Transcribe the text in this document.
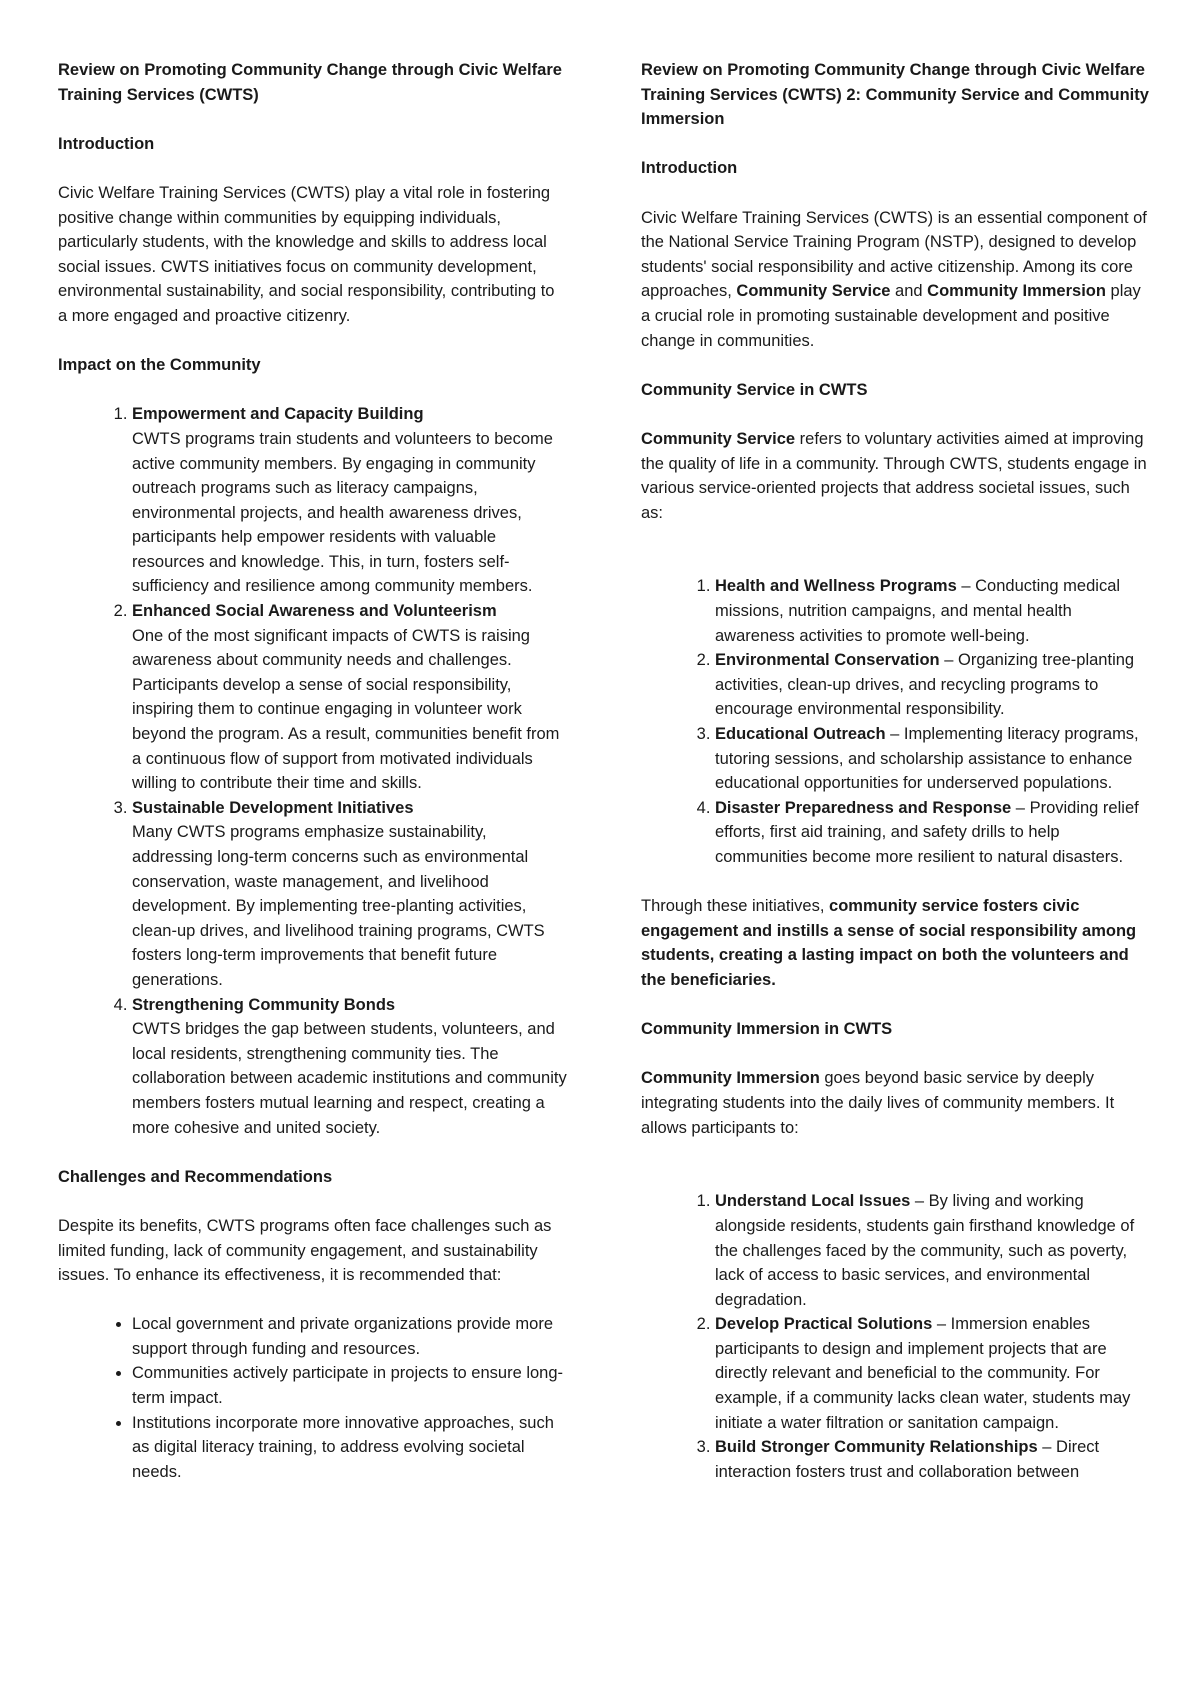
Review on Promoting Community Change through Civic Welfare Training Services (CWTS)
Introduction

Civic Welfare Training Services (CWTS) play a vital role in fostering positive change within communities by equipping individuals, particularly students, with the knowledge and skills to address local social issues. CWTS initiatives focus on community development, environmental sustainability, and social responsibility, contributing to a more engaged and proactive citizenry.

Impact on the Community
1. Empowerment and Capacity Building
CWTS programs train students and volunteers to become active community members. By engaging in community outreach programs such as literacy campaigns, environmental projects, and health awareness drives, participants help empower residents with valuable resources and knowledge. This, in turn, fosters self-sufficiency and resilience among community members.
2. Enhanced Social Awareness and Volunteerism
One of the most significant impacts of CWTS is raising awareness about community needs and challenges. Participants develop a sense of social responsibility, inspiring them to continue engaging in volunteer work beyond the program. As a result, communities benefit from a continuous flow of support from motivated individuals willing to contribute their time and skills.
3. Sustainable Development Initiatives
Many CWTS programs emphasize sustainability, addressing long-term concerns such as environmental conservation, waste management, and livelihood development. By implementing tree-planting activities, clean-up drives, and livelihood training programs, CWTS fosters long-term improvements that benefit future generations.
4. Strengthening Community Bonds
CWTS bridges the gap between students, volunteers, and local residents, strengthening community ties. The collaboration between academic institutions and community members fosters mutual learning and respect, creating a more cohesive and united society.
Challenges and Recommendations

Despite its benefits, CWTS programs often face challenges such as limited funding, lack of community engagement, and sustainability issues. To enhance its effectiveness, it is recommended that:

• Local government and private organizations provide more support through funding and resources.
• Communities actively participate in projects to ensure long-term impact.
• Institutions incorporate more innovative approaches, such as digital literacy training, to address evolving societal needs.
Review on Promoting Community Change through Civic Welfare Training Services (CWTS) 2: Community Service and Community Immersion
Introduction

Civic Welfare Training Services (CWTS) is an essential component of the National Service Training Program (NSTP), designed to develop students' social responsibility and active citizenship. Among its core approaches, Community Service and Community Immersion play a crucial role in promoting sustainable development and positive change in communities.

Community Service in CWTS

Community Service refers to voluntary activities aimed at improving the quality of life in a community. Through CWTS, students engage in various service-oriented projects that address societal issues, such as:

1. Health and Wellness Programs – Conducting medical missions, nutrition campaigns, and mental health awareness activities to promote well-being.
2. Environmental Conservation – Organizing tree-planting activities, clean-up drives, and recycling programs to encourage environmental responsibility.
3. Educational Outreach – Implementing literacy programs, tutoring sessions, and scholarship assistance to enhance educational opportunities for underserved populations.
4. Disaster Preparedness and Response – Providing relief efforts, first aid training, and safety drills to help communities become more resilient to natural disasters.

Through these initiatives, community service fosters civic engagement and instills a sense of social responsibility among students, creating a lasting impact on both the volunteers and the beneficiaries.

Community Immersion in CWTS

Community Immersion goes beyond basic service by deeply integrating students into the daily lives of community members. It allows participants to:

1. Understand Local Issues – By living and working alongside residents, students gain firsthand knowledge of the challenges faced by the community, such as poverty, lack of access to basic services, and environmental degradation.
2. Develop Practical Solutions – Immersion enables participants to design and implement projects that are directly relevant and beneficial to the community. For example, if a community lacks clean water, students may initiate a water filtration or sanitation campaign.
3. Build Stronger Community Relationships – Direct interaction fosters trust and collaboration between
